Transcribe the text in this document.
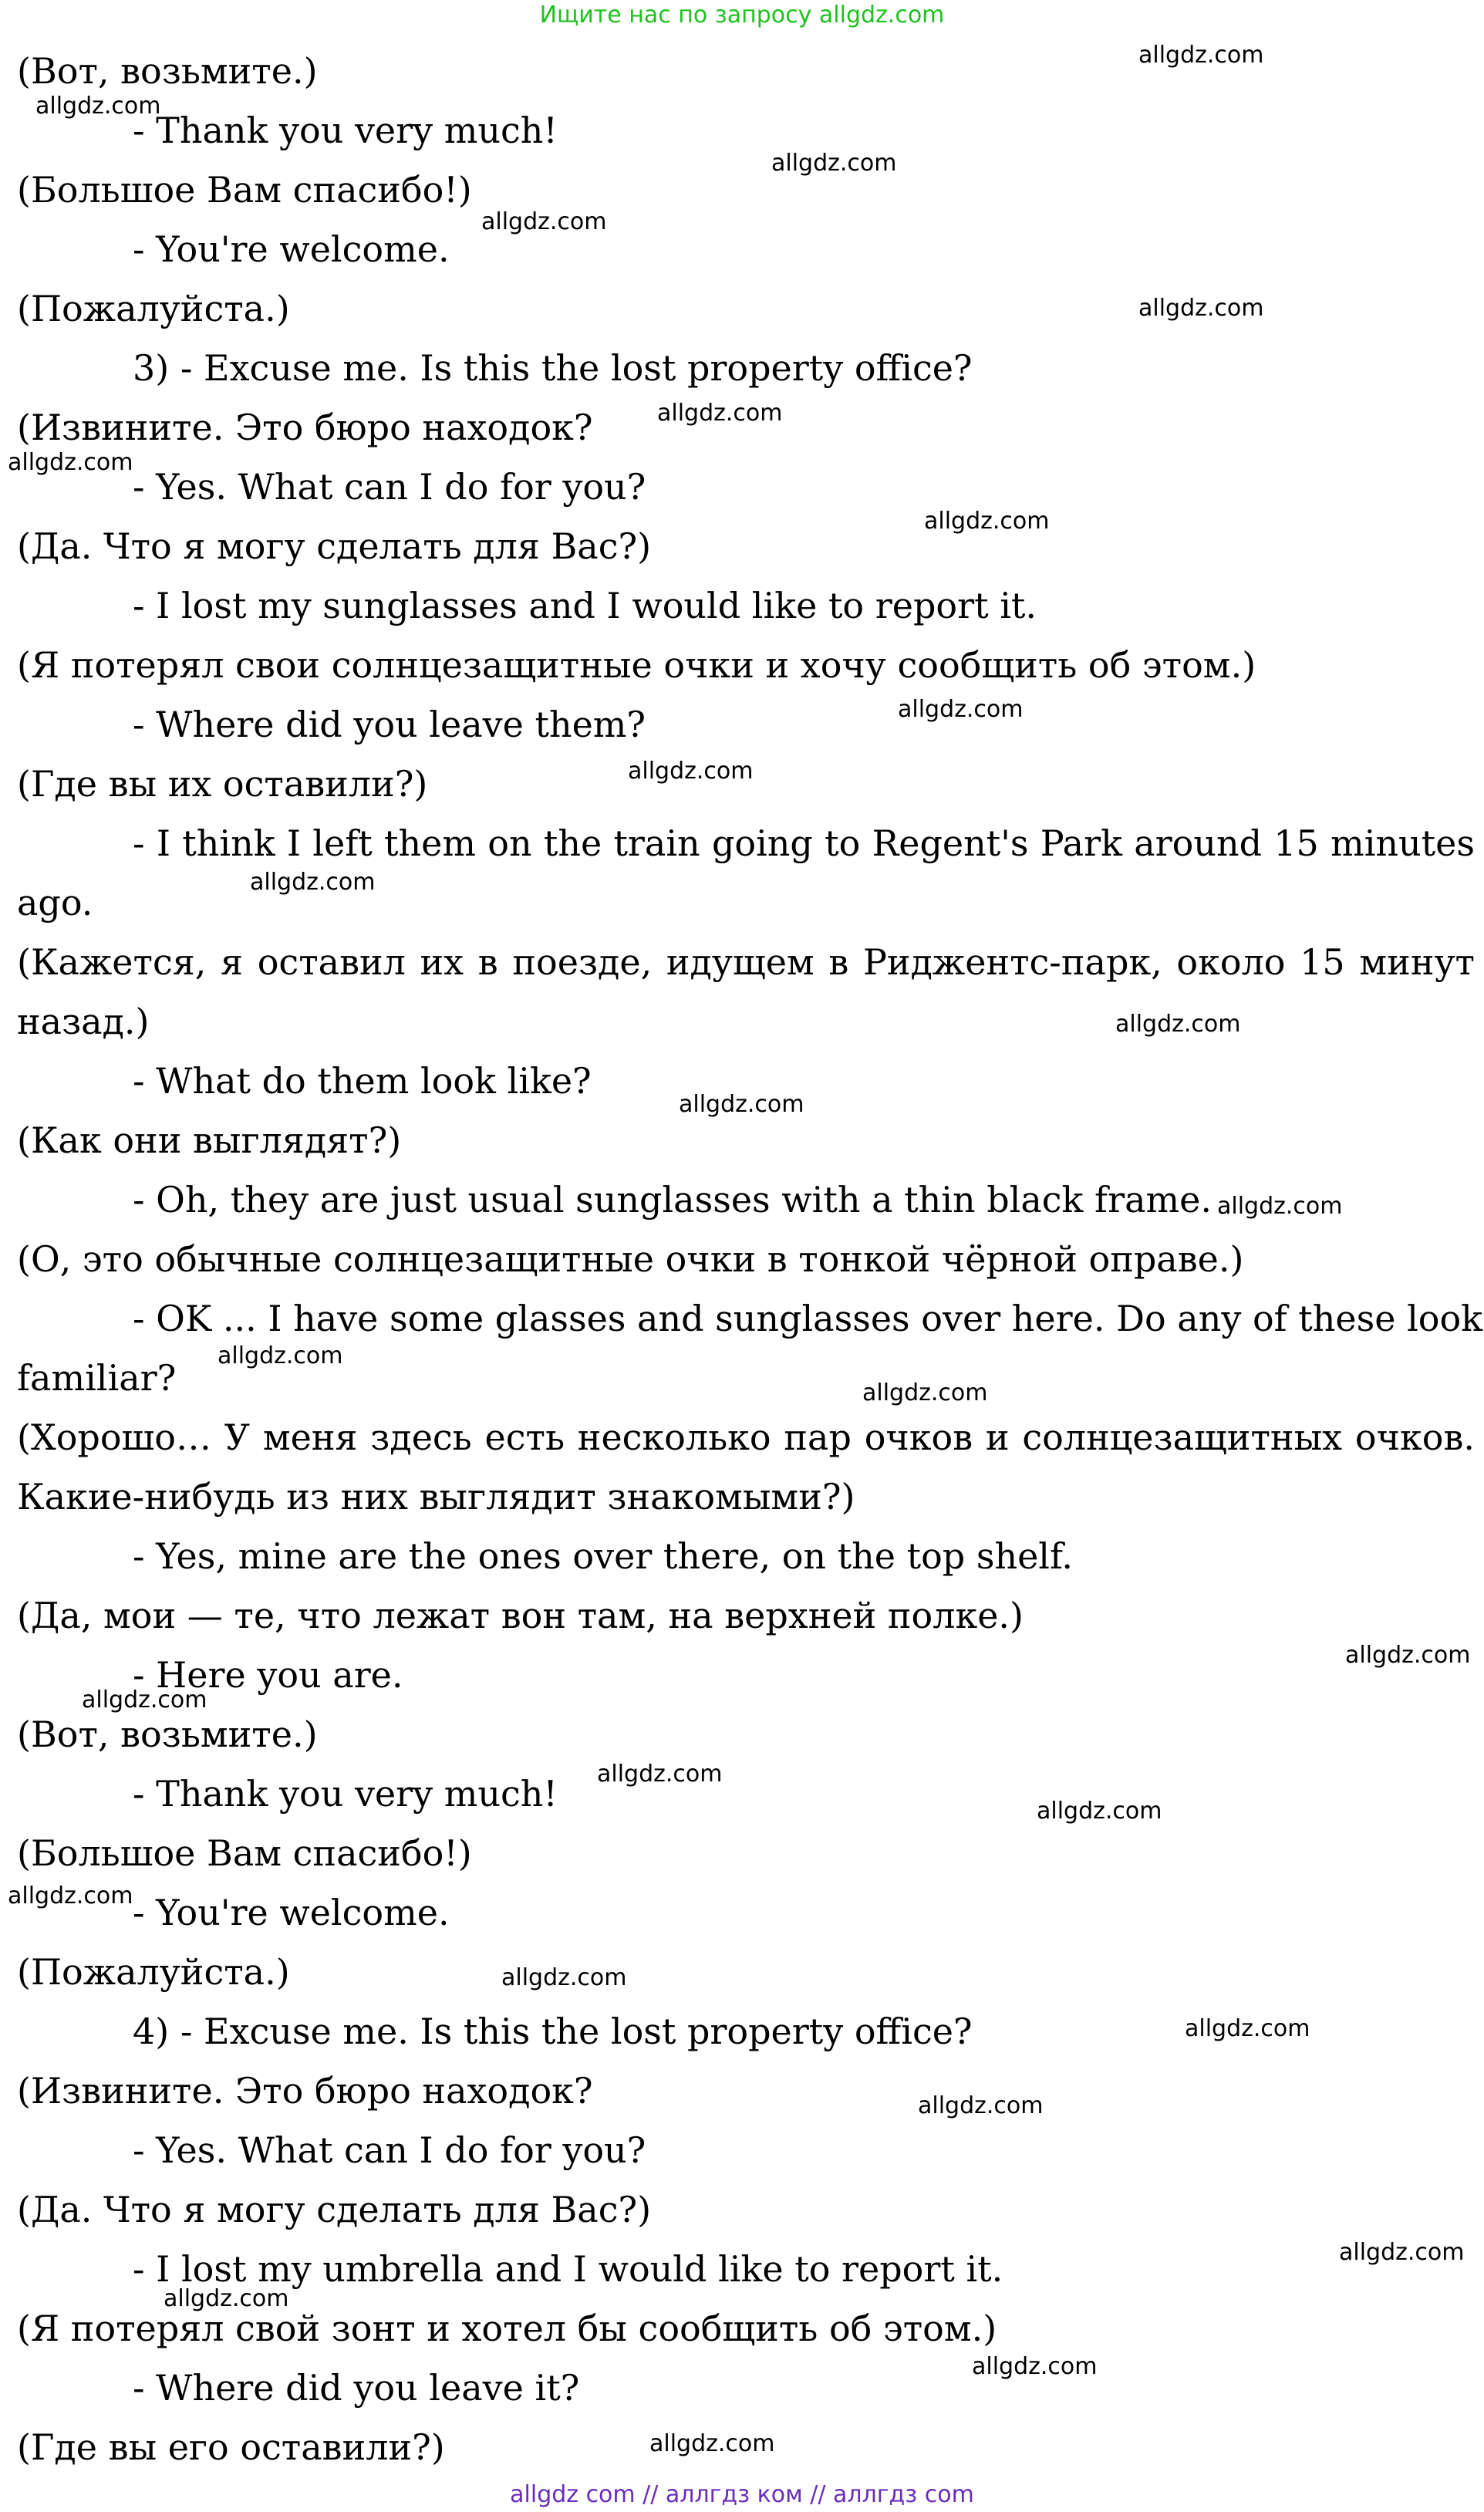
Ищите нас по запросу allgdz.com
(Вот, возьмите.)
- Thank you very much!
(Большое Вам спасибо!)
- You're welcome.
(Пожалуйста.)
3) - Excuse me. Is this the lost property office?
(Извините. Это бюро находок?
- Yes. What can I do for you?
(Да. Что я могу сделать для Вас?)
- I lost my sunglasses and I would like to report it.
(Я потерял свои солнцезащитные очки и хочу сообщить об этом.)
- Where did you leave them?
(Где вы их оставили?)
- I think I left them on the train going to Regent's Park around 15 minutes
ago.
(Кажется, я оставил их в поезде, идущем в Риджентс-парк, около 15 минут
назад.)
- What do them look like?
(Как они выглядят?)
- Oh, they are just usual sunglasses with a thin black frame.
(О, это обычные солнцезащитные очки в тонкой чёрной оправе.)
- OK ... I have some glasses and sunglasses over here. Do any of these look
familiar?
(Хорошо… У меня здесь есть несколько пар очков и солнцезащитных очков.
Какие-нибудь из них выглядит знакомыми?)
- Yes, mine are the ones over there, on the top shelf.
(Да, мои — те, что лежат вон там, на верхней полке.)
- Here you are.
(Вот, возьмите.)
- Thank you very much!
(Большое Вам спасибо!)
- You're welcome.
(Пожалуйста.)
4) - Excuse me. Is this the lost property office?
(Извините. Это бюро находок?
- Yes. What can I do for you?
(Да. Что я могу сделать для Вас?)
- I lost my umbrella and I would like to report it.
(Я потерял свой зонт и хотел бы сообщить об этом.)
- Where did you leave it?
(Где вы его оставили?)
allgdz.com
allgdz.com
allgdz.com
allgdz.com
allgdz.com
allgdz.com
allgdz.com
allgdz.com
allgdz.com
allgdz.com
allgdz.com
allgdz.com
allgdz.com
allgdz.com
allgdz.com
allgdz.com
allgdz.com
allgdz.com
allgdz.com
allgdz.com
allgdz.com
allgdz.com
allgdz.com
allgdz.com
allgdz.com
allgdz.com
allgdz.com
allgdz.com
allgdz com // аллгдз ком // аллгдз com
